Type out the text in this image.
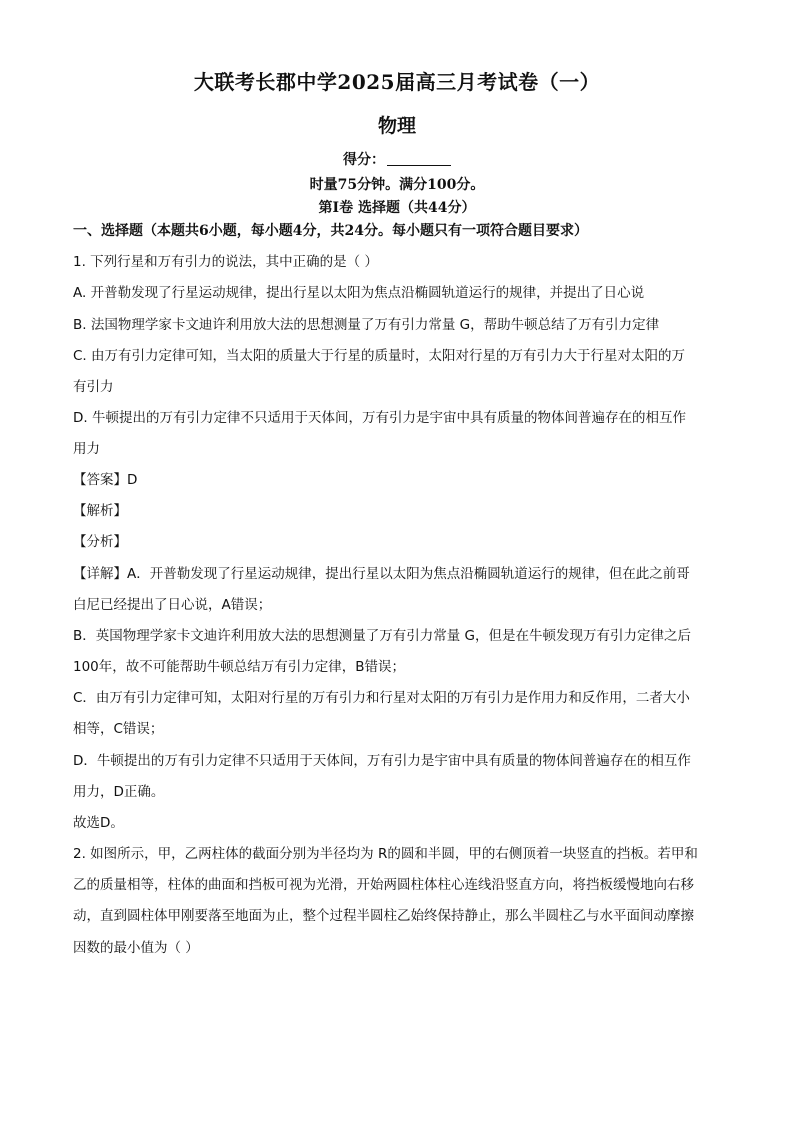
大联考长郡中学2025届高三月考试卷（一）
物理
得分：
时量75分钟。满分100分。
第I卷 选择题（共44分）
一、选择题（本题共6小题，每小题4分，共24分。每小题只有一项符合题目要求）
1. 下列行星和万有引力的说法，其中正确的是（ ）
A. 开普勒发现了行星运动规律，提出行星以太阳为焦点沿椭圆轨道运行的规律，并提出了日心说
B. 法国物理学家卡文迪许利用放大法的思想测量了万有引力常量 G，帮助牛顿总结了万有引力定律
C. 由万有引力定律可知，当太阳的质量大于行星的质量时，太阳对行星的万有引力大于行星对太阳的万
有引力
D. 牛顿提出的万有引力定律不只适用于天体间，万有引力是宇宙中具有质量的物体间普遍存在的相互作
用力
【答案】D
【解析】
【分析】
【详解】A．开普勒发现了行星运动规律，提出行星以太阳为焦点沿椭圆轨道运行的规律，但在此之前哥
白尼已经提出了日心说，A错误；
B．英国物理学家卡文迪许利用放大法的思想测量了万有引力常量 G，但是在牛顿发现万有引力定律之后
100年，故不可能帮助牛顿总结万有引力定律，B错误；
C．由万有引力定律可知，太阳对行星的万有引力和行星对太阳的万有引力是作用力和反作用，二者大小
相等，C错误；
D．牛顿提出的万有引力定律不只适用于天体间，万有引力是宇宙中具有质量的物体间普遍存在的相互作
用力，D正确。
故选D。
2. 如图所示，甲，乙两柱体的截面分别为半径均为 R的圆和半圆，甲的右侧顶着一块竖直的挡板。若甲和
乙的质量相等，柱体的曲面和挡板可视为光滑，开始两圆柱体柱心连线沿竖直方向，将挡板缓慢地向右移
动，直到圆柱体甲刚要落至地面为止，整个过程半圆柱乙始终保持静止，那么半圆柱乙与水平面间动摩擦
因数的最小值为（ ）
